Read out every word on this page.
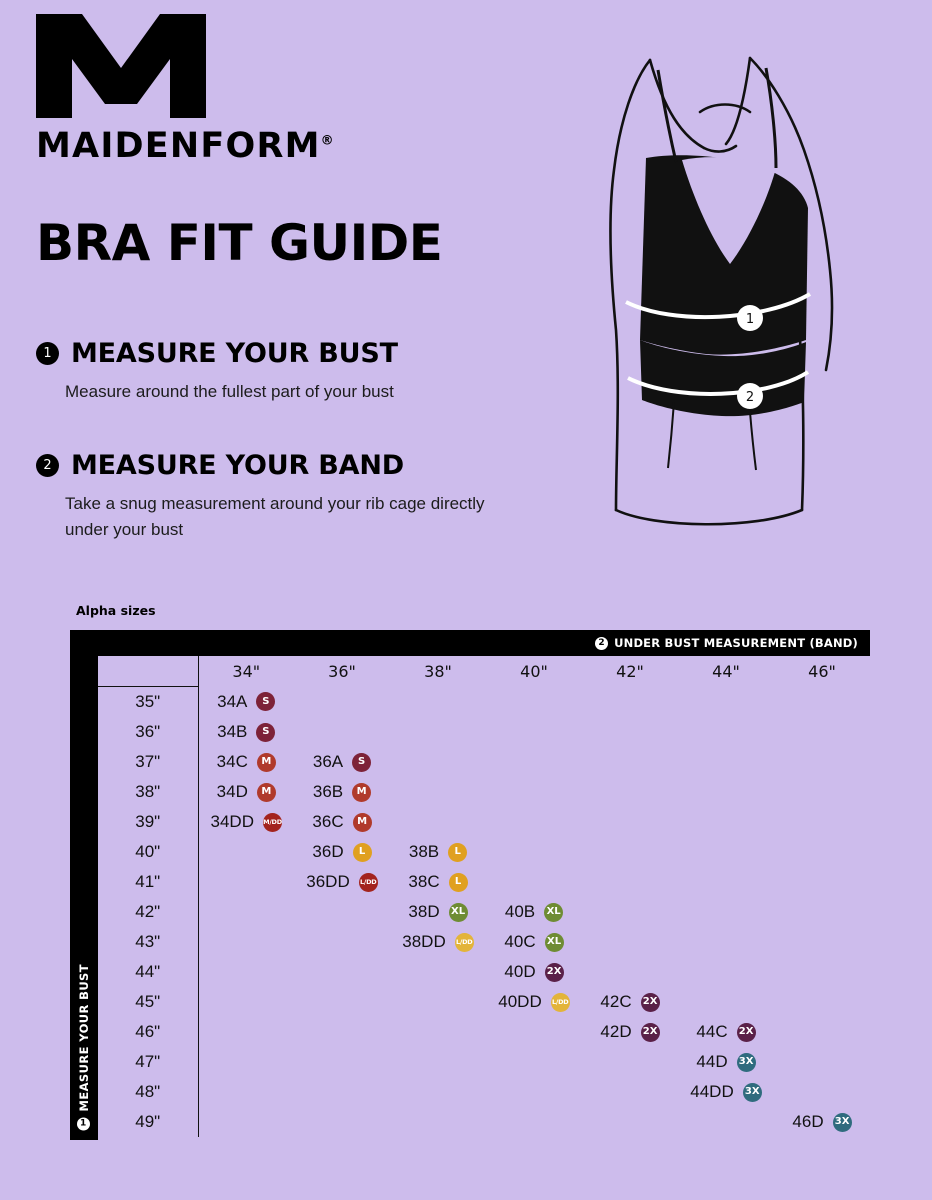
MAIDENFORM®
BRA FIT GUIDE
1 MEASURE YOUR BUST
Measure around the fullest part of your bust
2 MEASURE YOUR BAND
Take a snug measurement around your rib cage directly under your bust
1
2
Alpha sizes
1
MEASURE YOUR BUST
2 UNDER BUST MEASUREMENT (BAND)
	34"	36"	38"	40"	42"	44"	46"
35"	34A S						

36"	34B S						

37"	34C M	36A S					

38"	34D M	36B M					

39"	34DD M/DD	36C M					

40"		36D L	38B L				

41"		36DD L/DD	38C L				

42"			38D XL	40B XL			

43"			38DD L/DD	40C XL			

44"				40D 2X			

45"				40DD L/DD	42C 2X		

46"					42D 2X	44C 2X	

47"						44D 3X	

48"						44DD 3X	

49"							46D 3X
